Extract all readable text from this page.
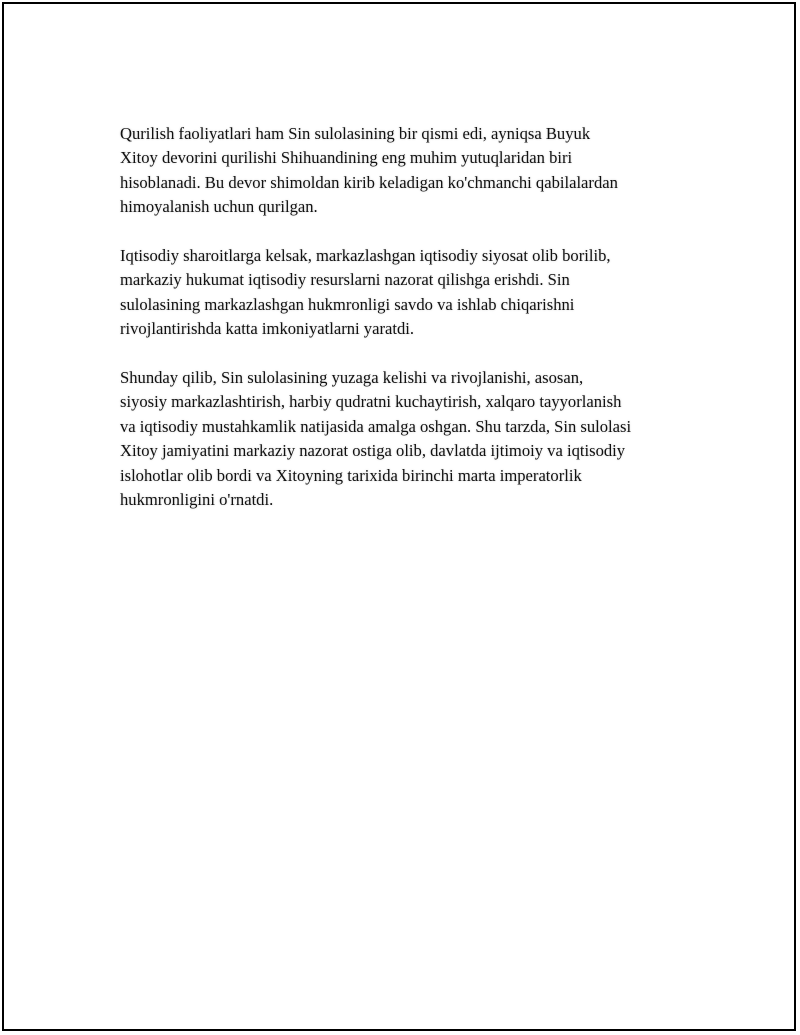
Qurilish faoliyatlari ham Sin sulolasining bir qismi edi, ayniqsa Buyuk
Xitoy devorini qurilishi Shihuandining eng muhim yutuqlaridan biri
hisoblanadi. Bu devor shimoldan kirib keladigan ko'chmanchi qabilalardan
himoyalanish uchun qurilgan.

Iqtisodiy sharoitlarga kelsak, markazlashgan iqtisodiy siyosat olib borilib,
markaziy hukumat iqtisodiy resurslarni nazorat qilishga erishdi. Sin
sulolasining markazlashgan hukmronligi savdo va ishlab chiqarishni
rivojlantirishda katta imkoniyatlarni yaratdi.

Shunday qilib, Sin sulolasining yuzaga kelishi va rivojlanishi, asosan,
siyosiy markazlashtirish, harbiy qudratni kuchaytirish, xalqaro tayyorlanish
va iqtisodiy mustahkamlik natijasida amalga oshgan. Shu tarzda, Sin sulolasi
Xitoy jamiyatini markaziy nazorat ostiga olib, davlatda ijtimoiy va iqtisodiy
islohotlar olib bordi va Xitoyning tarixida birinchi marta imperatorlik
hukmronligini o'rnatdi.
